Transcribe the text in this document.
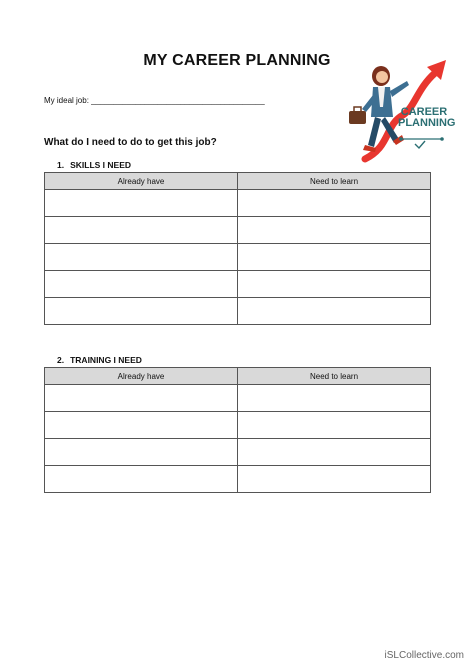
MY CAREER PLANNING
My ideal job: _______________________________________
What do I need to do to get this job?
1. SKILLS I NEED
Already have	Need to learn

2. TRAINING I NEED
Already have	Need to learn

CAREER
PLANNING
iSLCollective.com
